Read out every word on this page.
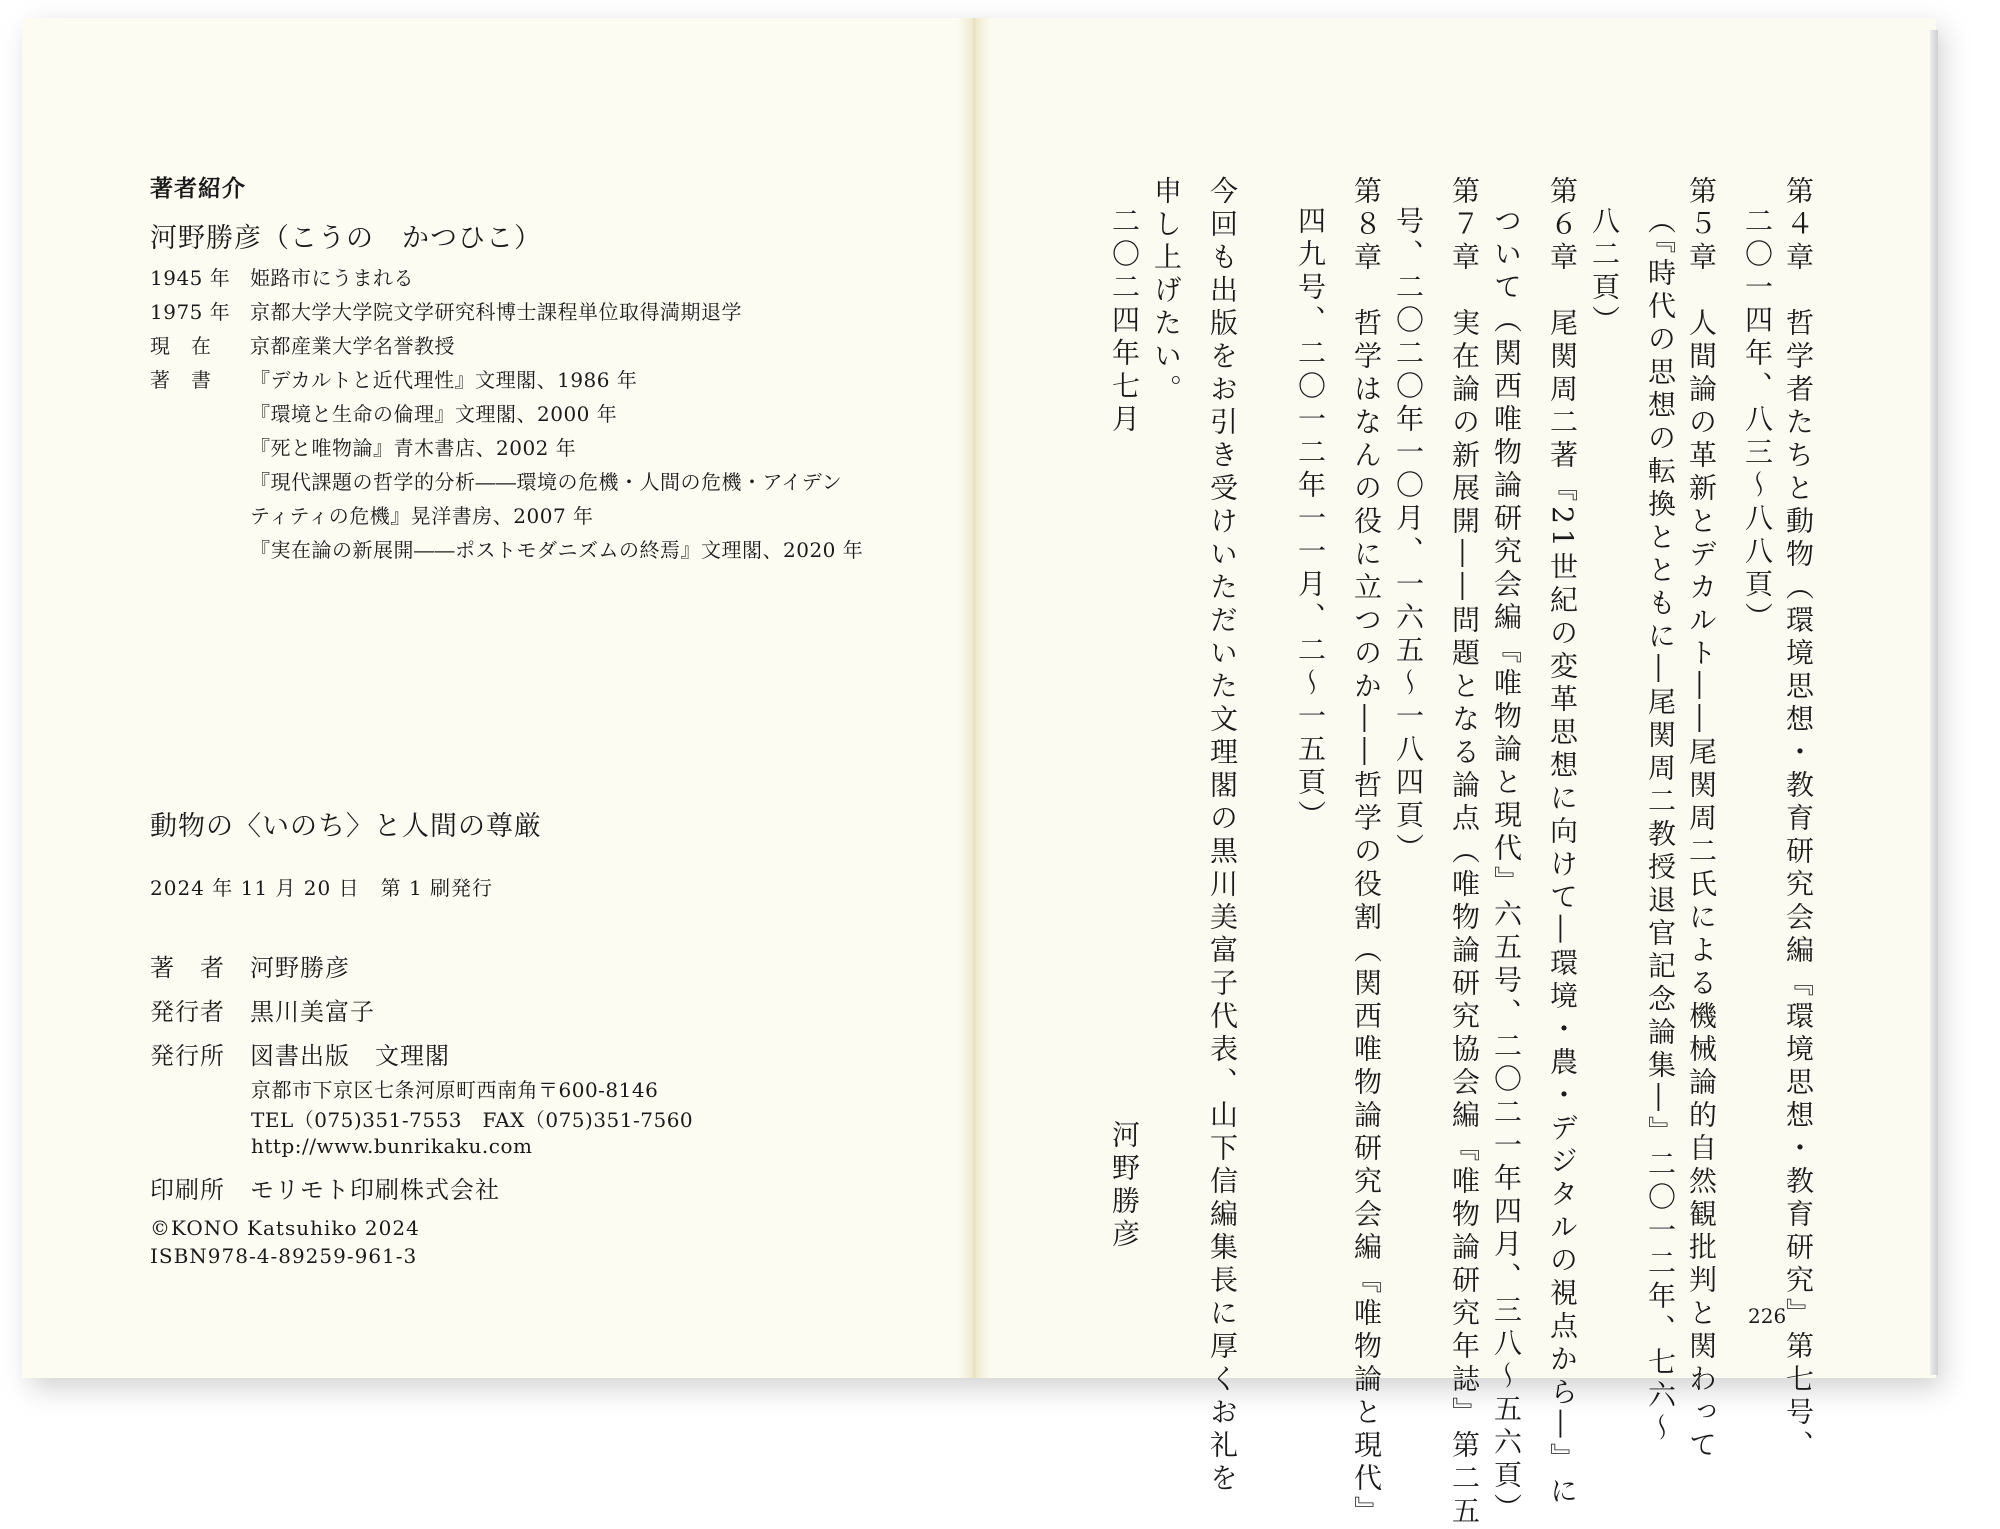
著者紹介
河野勝彦（こうの　かつひこ）
1945 年 姫路市にうまれる
1975 年 京都大学大学院文学研究科博士課程単位取得満期退学
現　在 京都産業大学名誉教授
著　書 『デカルトと近代理性』文理閣、1986 年
『環境と生命の倫理』文理閣、2000 年
『死と唯物論』青木書店、2002 年
『現代課題の哲学的分析――環境の危機・人間の危機・アイデン
ティティの危機』晃洋書房、2007 年
『実在論の新展開――ポストモダニズムの終焉』文理閣、2020 年
動物の〈いのち〉と人間の尊厳
2024 年 11 月 20 日　第 1 刷発行
著　者 河野勝彦
発行者 黒川美富子
発行所 図書出版　文理閣
京都市下京区七条河原町西南角〒600-8146
TEL（075)351-7553　FAX（075)351-7560
http://www.bunrikaku.com
印刷所 モリモト印刷株式会社
©KONO Katsuhiko 2024
ISBN978-4-89259-961-3	第４章　哲学者たちと動物（環境思想・教育研究会編『環境思想・教育研究』第七号、
二〇一四年、八三～八八頁）
第５章　人間論の革新とデカルト――尾関周二氏による機械論的自然観批判と関わって
（『時代の思想の転換とともに―尾関周二教授退官記念論集―』二〇一二年、七六～
八二頁）
第６章　尾関周二著『21世紀の変革思想に向けて―環境・農・デジタルの視点から―』に
ついて（関西唯物論研究会編『唯物論と現代』六五号、二〇二一年四月、三八～五六頁）
第７章　実在論の新展開――問題となる論点（唯物論研究協会編『唯物論研究年誌』第二五
号、二〇二〇年一〇月、一六五～一八四頁）
第８章　哲学はなんの役に立つのか――哲学の役割（関西唯物論研究会編『唯物論と現代』
四九号、二〇一二年一一月、二～一五頁）
今回も出版をお引き受けいただいた文理閣の黒川美富子代表、山下信編集長に厚くお礼を
申し上げたい。
二〇二四年七月
河野勝彦
226
